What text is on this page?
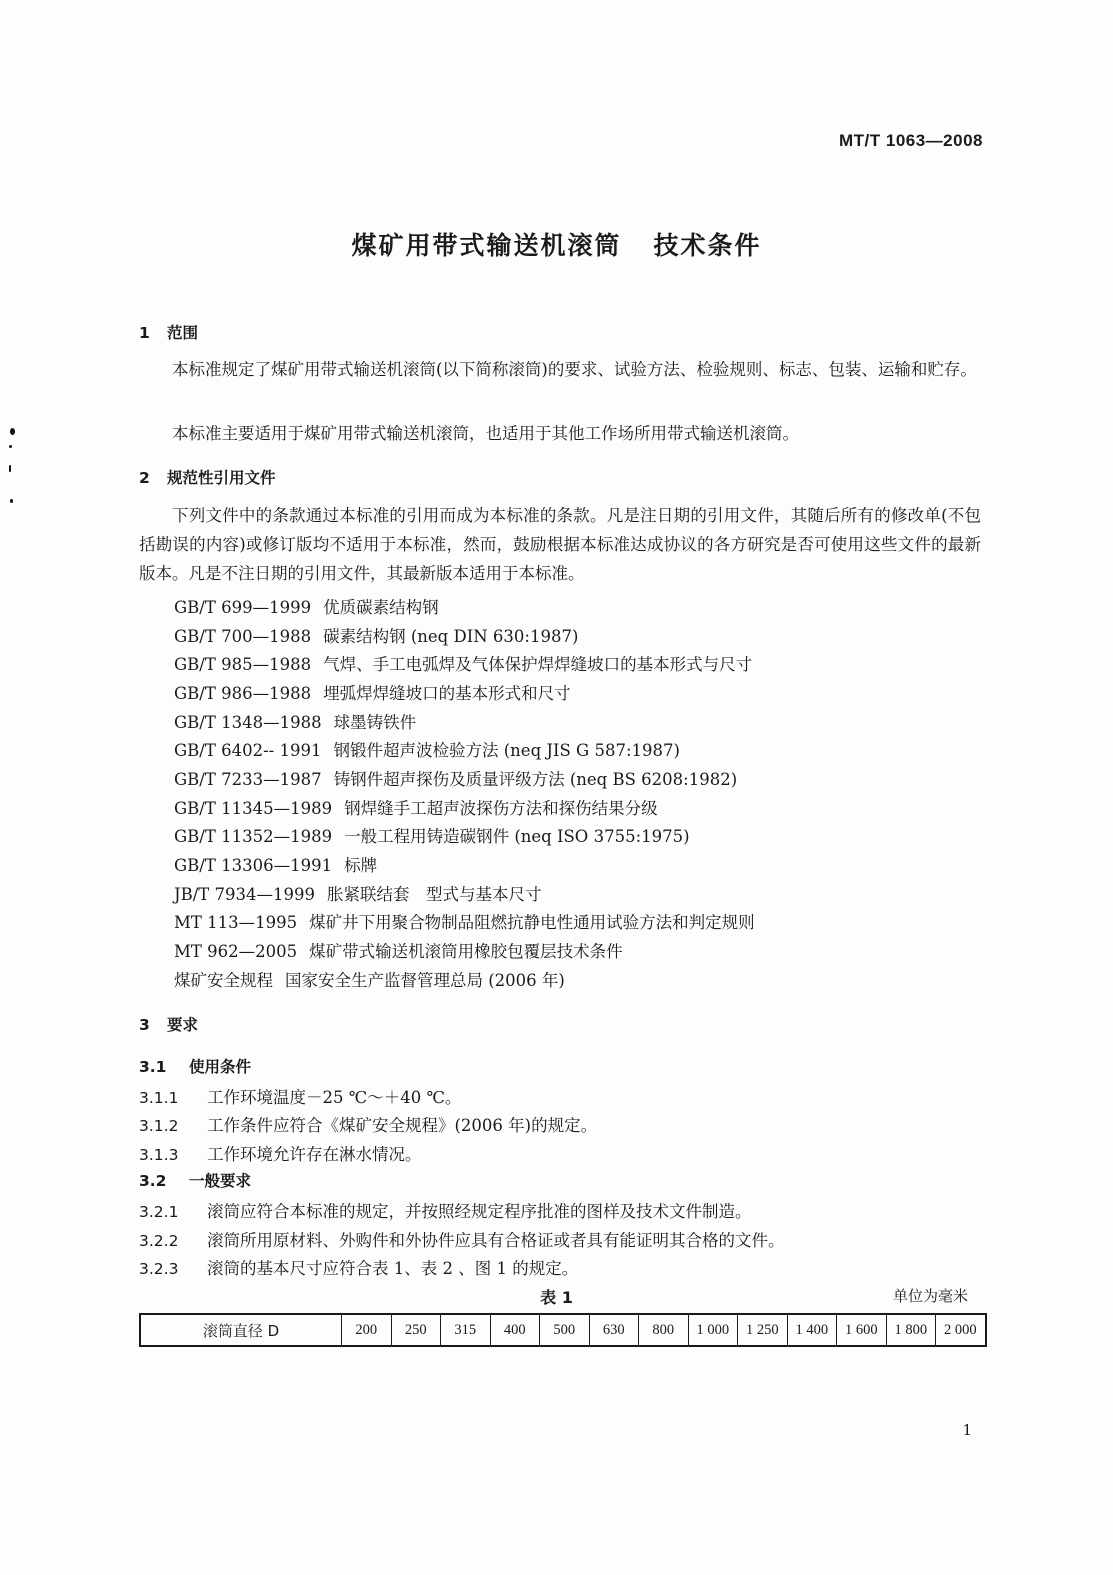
MT/T 1063—2008
煤矿用带式输送机滚筒 技术条件
1 范围
本标准规定了煤矿用带式输送机滚筒(以下简称滚筒)的要求、试验方法、检验规则、标志、包装、运输和贮存。
本标准主要适用于煤矿用带式输送机滚筒，也适用于其他工作场所用带式输送机滚筒。
2 规范性引用文件
下列文件中的条款通过本标准的引用而成为本标准的条款。凡是注日期的引用文件，其随后所有的修改单(不包括勘误的内容)或修订版均不适用于本标准，然而，鼓励根据本标准达成协议的各方研究是否可使用这些文件的最新版本。凡是不注日期的引用文件，其最新版本适用于本标准。
GB/T 699—1999 优质碳素结构钢
GB/T 700—1988 碳素结构钢 (neq DIN 630:1987)
GB/T 985—1988 气焊、手工电弧焊及气体保护焊焊缝坡口的基本形式与尺寸
GB/T 986—1988 埋弧焊焊缝坡口的基本形式和尺寸
GB/T 1348—1988 球墨铸铁件
GB/T 6402-- 1991 钢锻件超声波检验方法 (neq JIS G 587:1987)
GB/T 7233—1987 铸钢件超声探伤及质量评级方法 (neq BS 6208:1982)
GB/T 11345—1989 钢焊缝手工超声波探伤方法和探伤结果分级
GB/T 11352—1989 一般工程用铸造碳钢件 (neq ISO 3755:1975)
GB/T 13306—1991 标牌
JB/T 7934—1999 胀紧联结套　型式与基本尺寸
MT 113—1995 煤矿井下用聚合物制品阻燃抗静电性通用试验方法和判定规则
MT 962—2005 煤矿带式输送机滚筒用橡胶包覆层技术条件
煤矿安全规程 国家安全生产监督管理总局 (2006 年)
3 要求
3.1 使用条件
3.1.1 工作环境温度－25 ℃～＋40 ℃。
3.1.2 工作条件应符合《煤矿安全规程》(2006 年)的规定。
3.1.3 工作环境允许存在淋水情况。
3.2 一般要求
3.2.1 滚筒应符合本标准的规定，并按照经规定程序批准的图样及技术文件制造。
3.2.2 滚筒所用原材料、外购件和外协件应具有合格证或者具有能证明其合格的文件。
3.2.3 滚筒的基本尺寸应符合表 1、表 2 、图 1 的规定。
表 1	单位为毫米
滚筒直径 D	200	250	315	400	500	630	800	1 000	1 250	1 400	1 600	1 800	2 000
1
